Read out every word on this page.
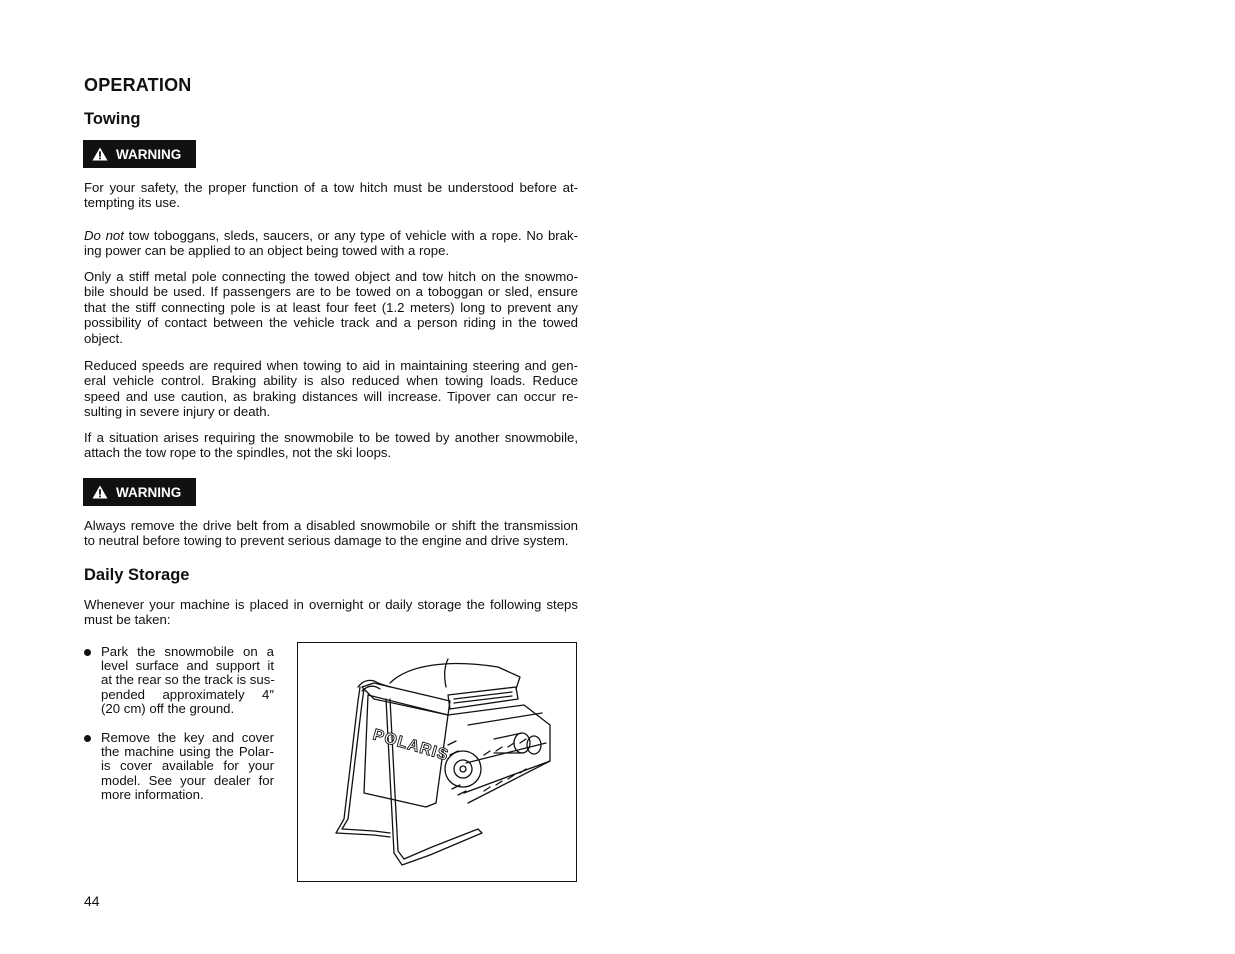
OPERATION
Towing
WARNING
For your safety, the proper function of a tow hitch must be understood before at-
tempting its use.
Do not tow toboggans, sleds, saucers, or any type of vehicle with a rope. No brak-
ing power can be applied to an object being towed with a rope.
Only a stiff metal pole connecting the towed object and tow hitch on the snowmo-
bile should be used. If passengers are to be towed on a toboggan or sled, ensure
that the stiff connecting pole is at least four feet (1.2 meters) long to prevent any
possibility of contact between the vehicle track and a person riding in the towed
object.
Reduced speeds are required when towing to aid in maintaining steering and gen-
eral vehicle control. Braking ability is also reduced when towing loads. Reduce
speed and use caution, as braking distances will increase. Tipover can occur re-
sulting in severe injury or death.
If a situation arises requiring the snowmobile to be towed by another snowmobile,
attach the tow rope to the spindles, not the ski loops.
WARNING
Always remove the drive belt from a disabled snowmobile or shift the transmission
to neutral before towing to prevent serious damage to the engine and drive system.
Daily Storage
Whenever your machine is placed in overnight or daily storage the following steps
must be taken:
Park the snowmobile on a
level surface and support it
at the rear so the track is sus-
pended approximately 4″
(20 cm) off the ground.
Remove the key and cover
the machine using the Polar-
is cover available for your
model. See your dealer for
more information.
POLARIS
44
